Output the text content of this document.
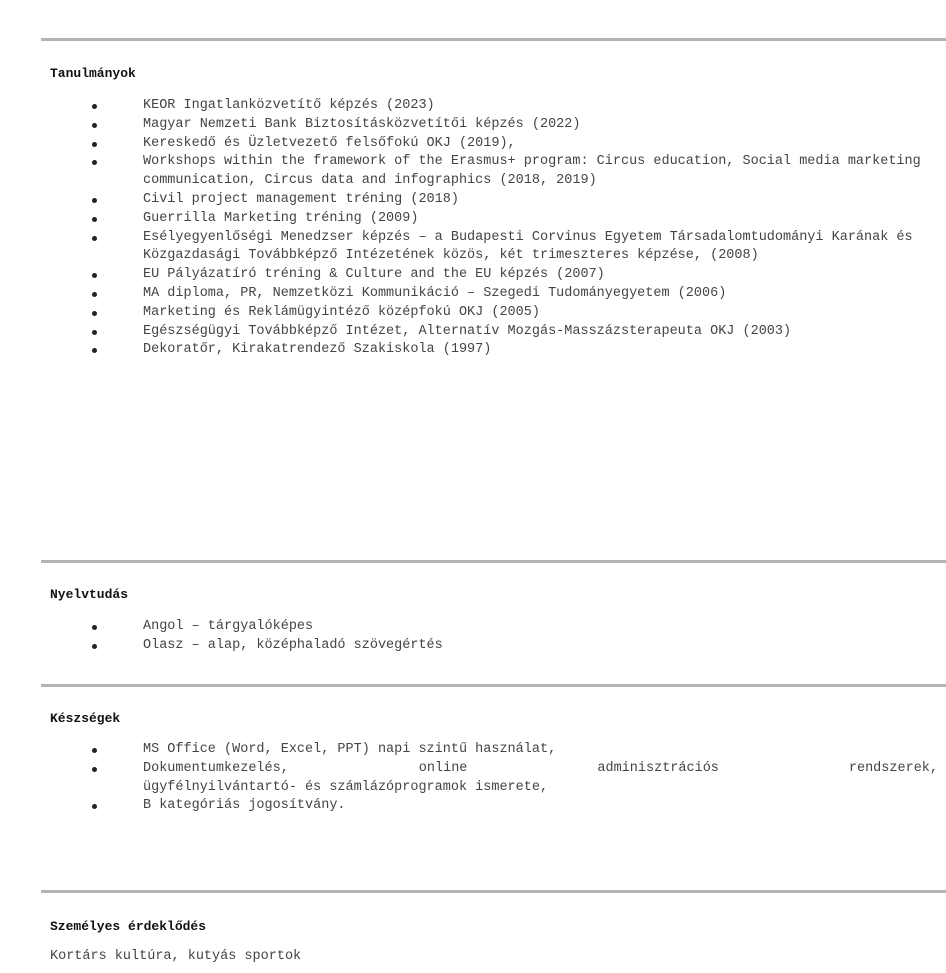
Tanulmányok
KEOR Ingatlanközvetítő képzés (2023)
Magyar Nemzeti Bank Biztosításközvetítői képzés (2022)
Kereskedő és Üzletvezető felsőfokú OKJ (2019),
Workshops within the framework of the Erasmus+ program: Circus education, Social media marketing communication, Circus data and infographics (2018, 2019)
Civil project management tréning (2018)
Guerrilla Marketing tréning (2009)
Esélyegyenlőségi Menedzser képzés – a Budapesti Corvinus Egyetem Társadalomtudományi Karának és Közgazdasági Továbbképző Intézetének közös, két trimeszteres képzése, (2008)
EU Pályázatíró tréning & Culture and the EU képzés (2007)
MA diploma, PR, Nemzetközi Kommunikáció – Szegedi Tudományegyetem (2006)
Marketing és Reklámügyintéző középfokú OKJ (2005)
Egészségügyi Továbbképző Intézet, Alternatív Mozgás-Masszázsterapeuta OKJ (2003)
Dekoratőr, Kirakatrendező Szakiskola (1997)
Nyelvtudás
Angol – tárgyalóképes
Olasz – alap, középhaladó szövegértés
Készségek
MS Office (Word, Excel, PPT) napi szintű használat,
Dokumentumkezelés, online adminisztrációs rendszerek,
ügyfélnyilvántartó- és számlázóprogramok ismerete,
B kategóriás jogosítvány.
Személyes érdeklődés

Kortárs kultúra, kutyás sportok
